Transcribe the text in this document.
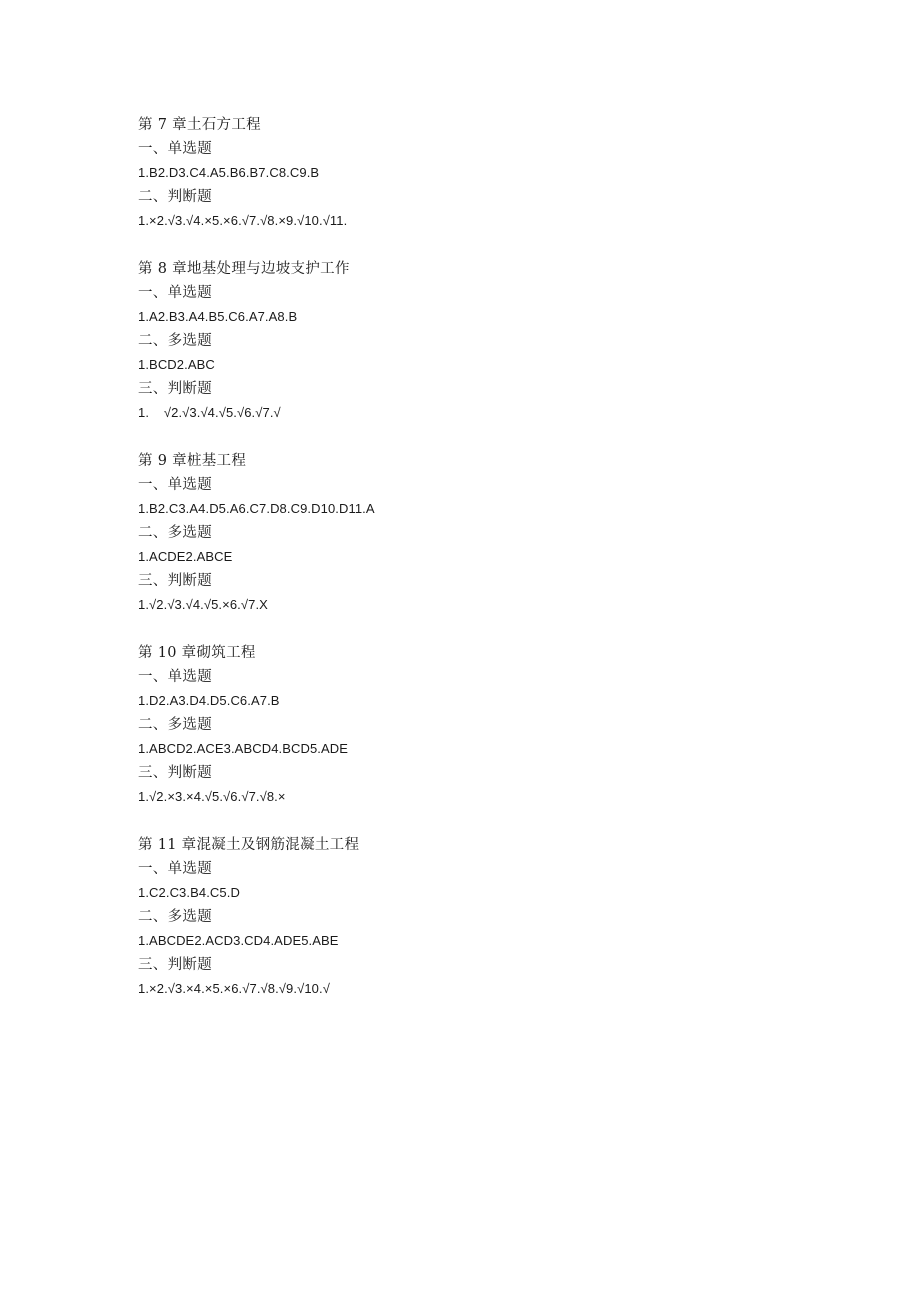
第 7 章土石方工程
一、单选题
1.B2.D3.C4.A5.B6.B7.C8.C9.B
二、判断题
1.×2.√3.√4.×5.×6.√7.√8.×9.√10.√11.
第 8 章地基处理与边坡支护工作
一、单选题
1.A2.B3.A4.B5.C6.A7.A8.B
二、多选题
1.BCD2.ABC
三、判断题
1.    √2.√3.√4.√5.√6.√7.√
第 9 章桩基工程
一、单选题
1.B2.C3.A4.D5.A6.C7.D8.C9.D10.D11.A
二、多选题
1.ACDE2.ABCE
三、判断题
1.√2.√3.√4.√5.×6.√7.X
第 10 章砌筑工程
一、单选题
1.D2.A3.D4.D5.C6.A7.B
二、多选题
1.ABCD2.ACE3.ABCD4.BCD5.ADE
三、判断题
1.√2.×3.×4.√5.√6.√7.√8.×
第 11 章混凝土及钢筋混凝土工程
一、单选题
1.C2.C3.B4.C5.D
二、多选题
1.ABCDE2.ACD3.CD4.ADE5.ABE
三、判断题
1.×2.√3.×4.×5.×6.√7.√8.√9.√10.√
